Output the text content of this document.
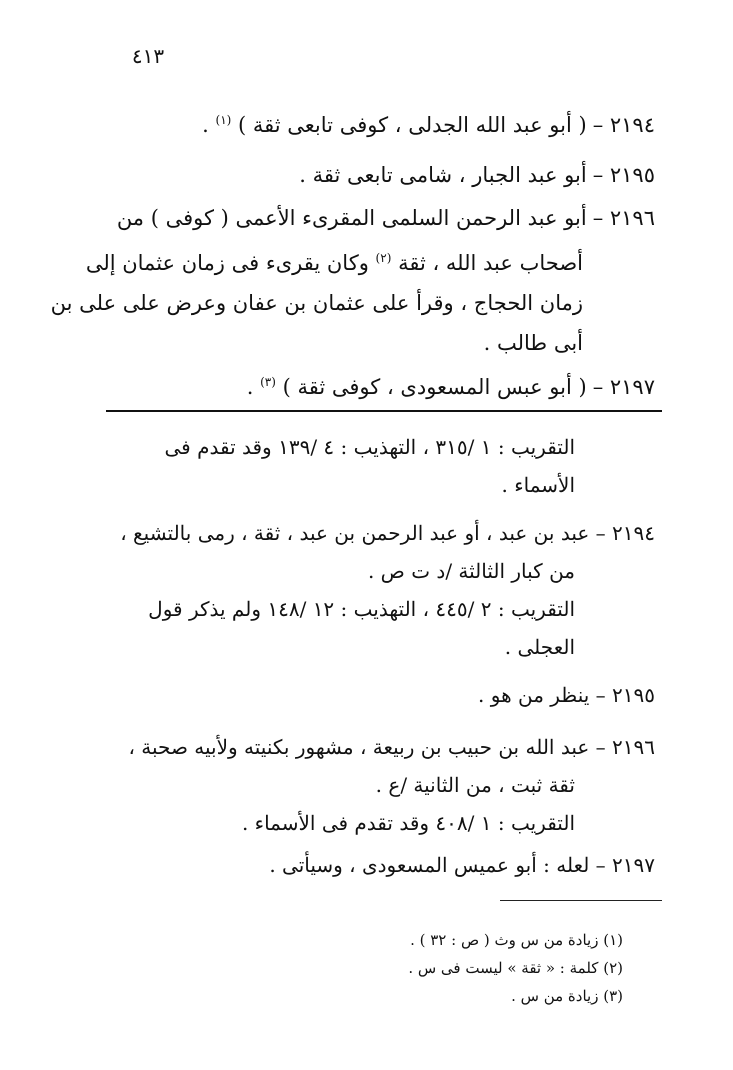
٤١٣
٢١٩٤ –( أبو عبد الله الجدلى ، كوفى تابعى ثقة ) $^{(١)}$ .
٢١٩٥ –أبو عبد الجبار ، شامى تابعى ثقة .
٢١٩٦ –أبو عبد الرحمن السلمى المقرىء الأعمى ( كوفى ) من
أصحاب عبد الله ، ثقة $^{(٢)}$ وكان يقرىء فى زمان عثمان إلى
زمان الحجاج ، وقرأ على عثمان بن عفان وعرض على على بن
أبى طالب .
٢١٩٧ –( أبو عبس المسعودى ، كوفى ثقة ) $^{(٣)}$ .
التقريب : ١ /٣١٥ ، التهذيب : ٤ /١٣٩ وقد تقدم فى
الأسماء .
٢١٩٤ – عبد بن عبد ، أو عبد الرحمن بن عبد ، ثقة ، رمى بالتشيع ،
من كبار الثالثة /د ت ص .
التقريب : ٢ /٤٤٥ ، التهذيب : ١٢ /١٤٨ ولم يذكر قول
العجلى .
٢١٩٥ – ينظر من هو .
٢١٩٦ – عبد الله بن حبيب بن ربيعة ، مشهور بكنيته ولأبيه صحبة ،
ثقة ثبت ، من الثانية /ع .
التقريب : ١ /٤٠٨ وقد تقدم فى الأسماء .
٢١٩٧ – لعله : أبو عميس المسعودى ، وسيأتى .
(١) زيادة من س وث ( ص : ٣٢ ) .
(٢) كلمة : « ثقة » ليست فى س .
(٣) زيادة من س .
